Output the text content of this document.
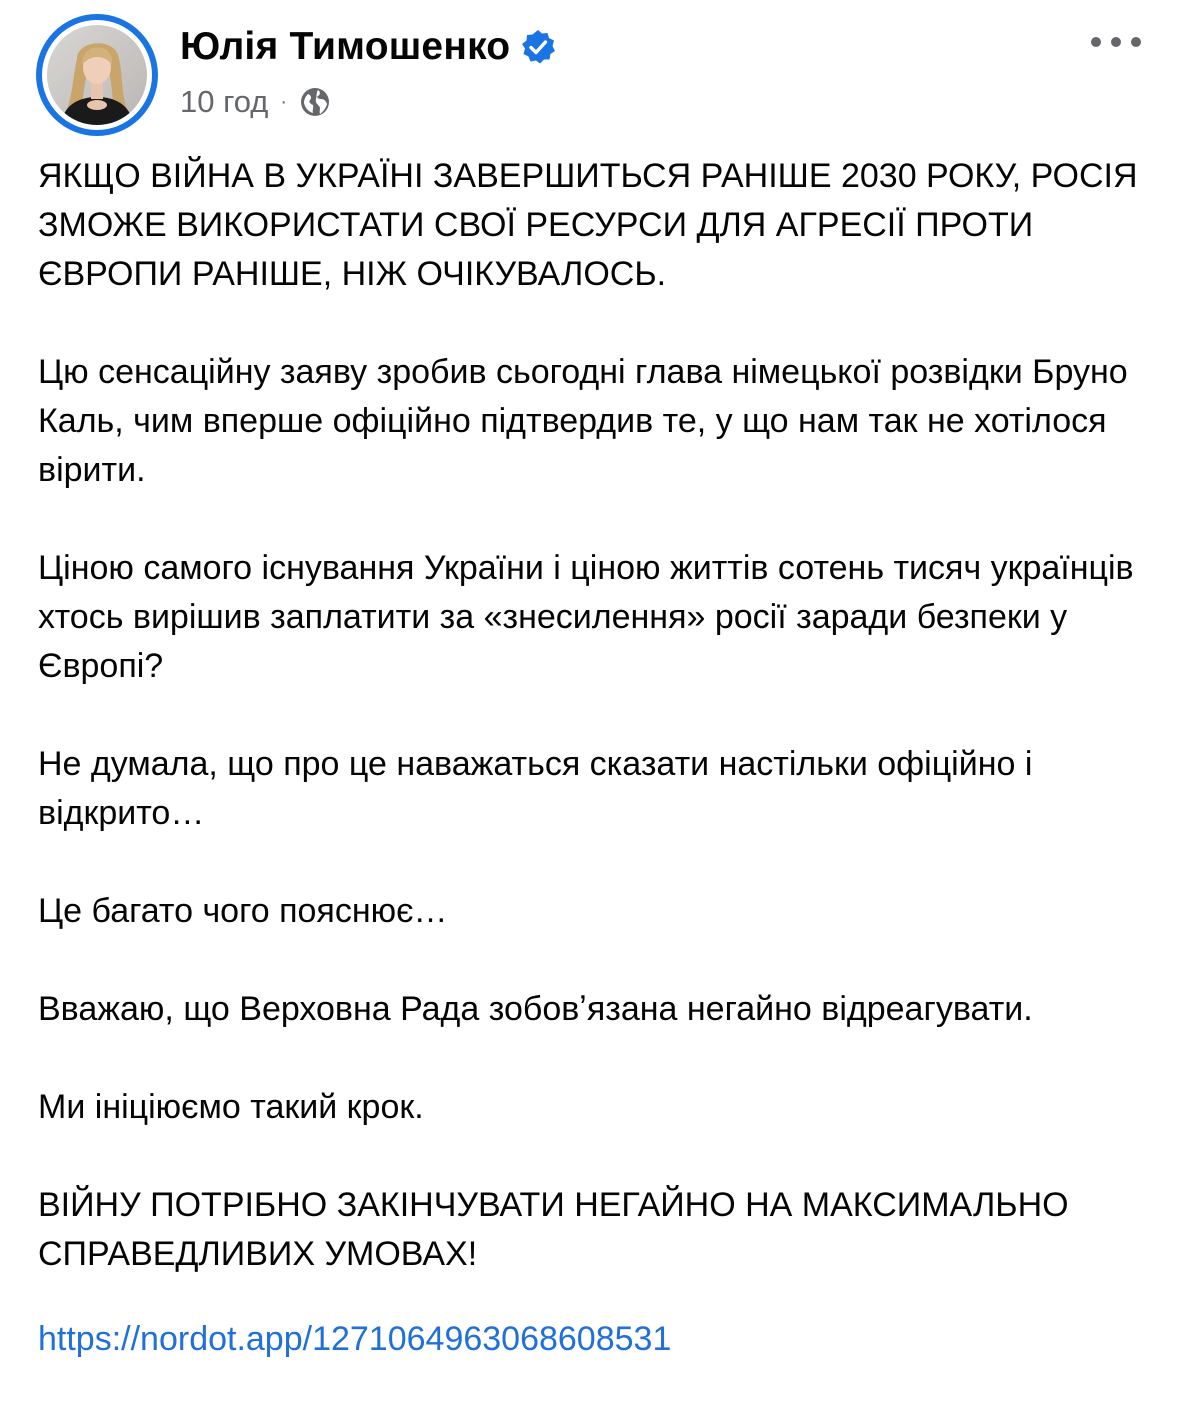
Юлія Тимошенко
10 год ·

ЯКЩО ВІЙНА В УКРАЇНІ ЗАВЕРШИТЬСЯ РАНІШЕ 2030 РОКУ, РОСІЯ ЗМОЖЕ ВИКОРИСТАТИ СВОЇ РЕСУРСИ ДЛЯ АГРЕСІЇ ПРОТИ ЄВРОПИ РАНІШЕ, НІЖ ОЧІКУВАЛОСЬ.

Цю сенсаційну заяву зробив сьогодні глава німецької розвідки Бруно Каль, чим вперше офіційно підтвердив те, у що нам так не хотілося вірити.

Ціною самого існування України і ціною життів сотень тисяч українців хтось вирішив заплатити за «знесилення» росії заради безпеки у Європі?

Не думала, що про це наважаться сказати настільки офіційно і відкрито…

Це багато чого пояснює…

Вважаю, що Верховна Рада зобовʼязана негайно відреагувати.

Ми ініціюємо такий крок.

ВІЙНУ ПОТРІБНО ЗАКІНЧУВАТИ НЕГАЙНО НА МАКСИМАЛЬНО СПРАВЕДЛИВИХ УМОВАХ!

https://nordot.app/1271064963068608531
